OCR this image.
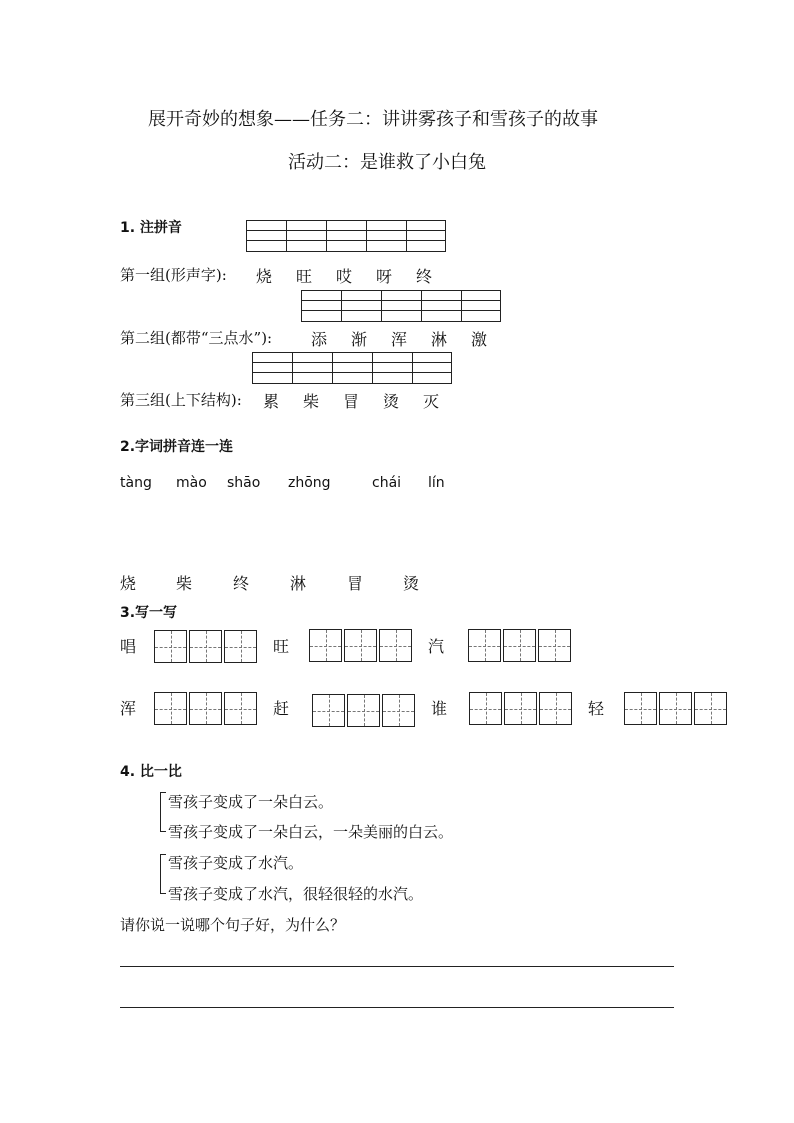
展开奇妙的想象——任务二：讲讲雾孩子和雪孩子的故事
活动二：是谁救了小白兔
1. 注拼音
第一组(形声字): 烧 旺 哎 呀 终
第二组(都带“三点水”): 添 渐 浑 淋 激
第三组(上下结构): 累 柴 冒 烫 灭
2.字词拼音连一连
tàng mào shāo zhōng	chái lín
烧 柴	终	淋	冒 烫
3.写一写
唱	旺	汽
浑	赶	谁	轻
4. 比一比
雪孩子变成了一朵白云。
雪孩子变成了一朵白云，一朵美丽的白云。
雪孩子变成了水汽。
雪孩子变成了水汽，很轻很轻的水汽。
请你说一说哪个句子好，为什么？
